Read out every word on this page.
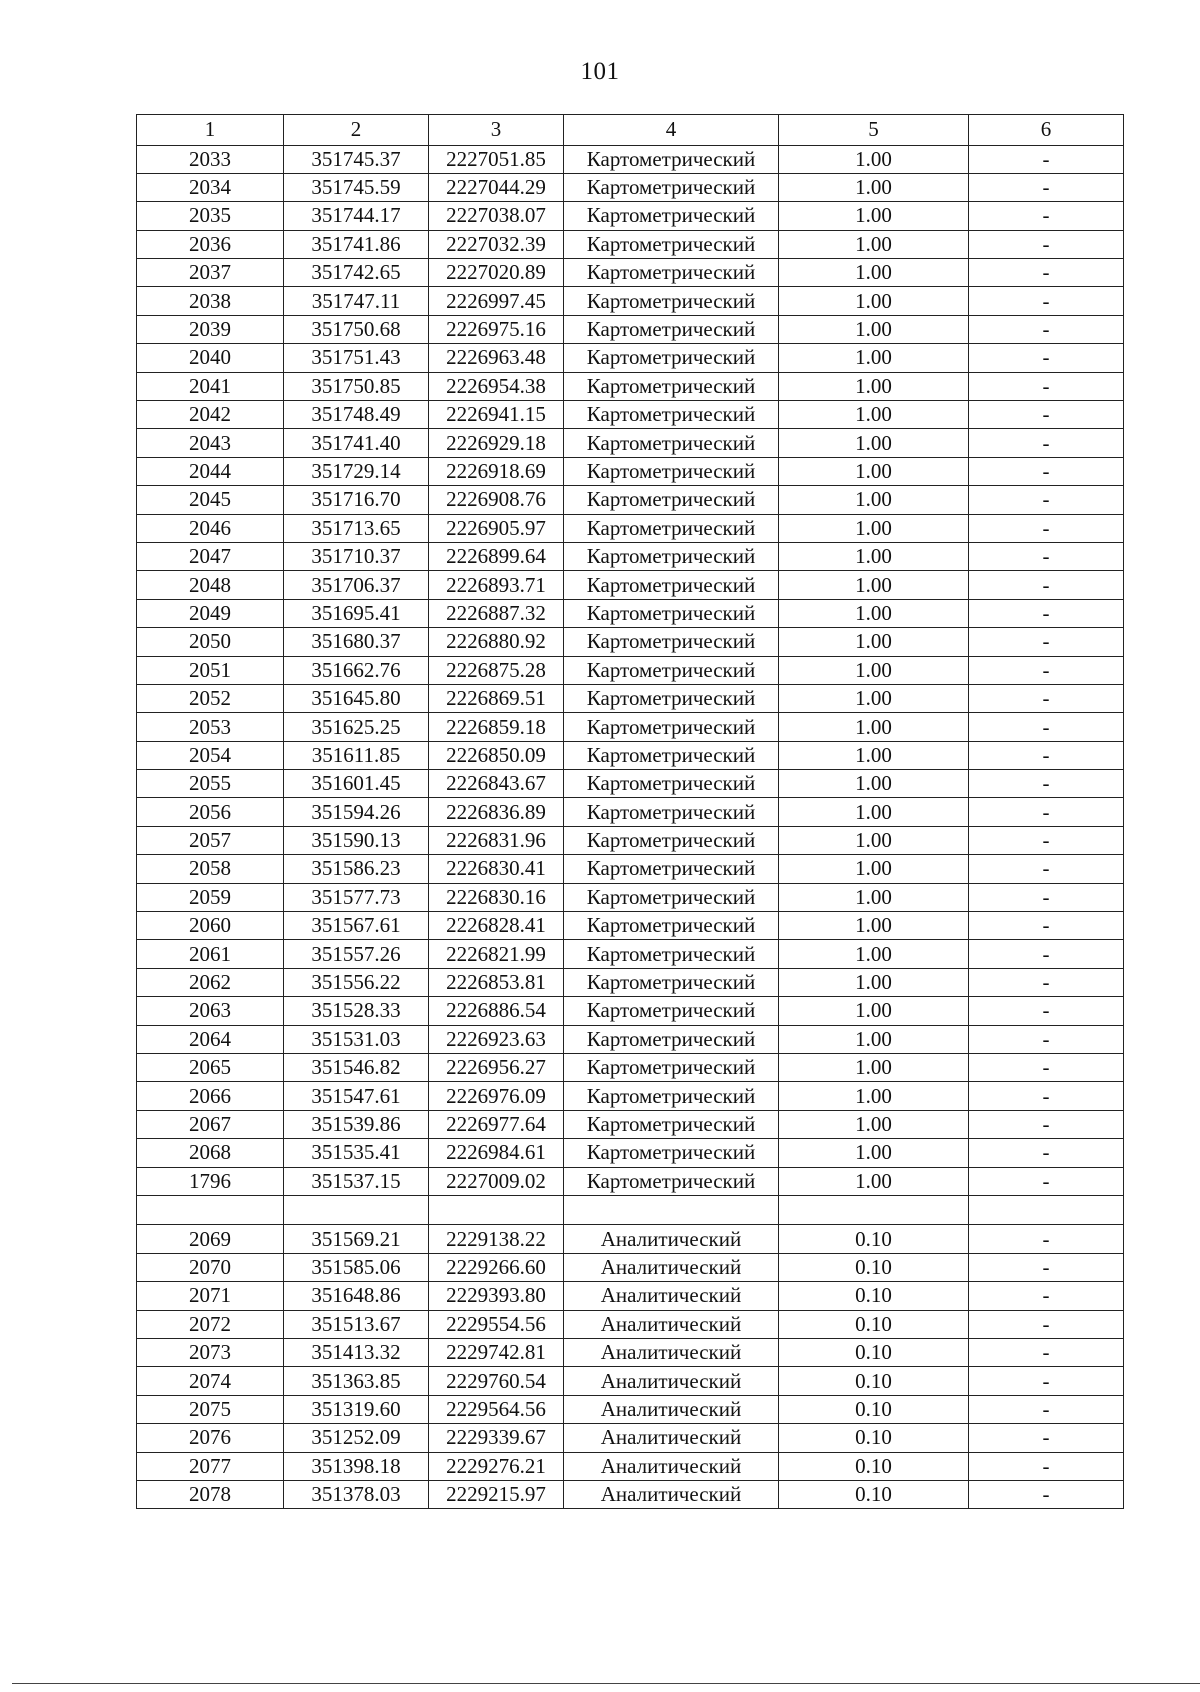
101
1	2	3	4	5	6
2033	351745.37	2227051.85	Картометрический	1.00	-
2034	351745.59	2227044.29	Картометрический	1.00	-
2035	351744.17	2227038.07	Картометрический	1.00	-
2036	351741.86	2227032.39	Картометрический	1.00	-
2037	351742.65	2227020.89	Картометрический	1.00	-
2038	351747.11	2226997.45	Картометрический	1.00	-
2039	351750.68	2226975.16	Картометрический	1.00	-
2040	351751.43	2226963.48	Картометрический	1.00	-
2041	351750.85	2226954.38	Картометрический	1.00	-
2042	351748.49	2226941.15	Картометрический	1.00	-
2043	351741.40	2226929.18	Картометрический	1.00	-
2044	351729.14	2226918.69	Картометрический	1.00	-
2045	351716.70	2226908.76	Картометрический	1.00	-
2046	351713.65	2226905.97	Картометрический	1.00	-
2047	351710.37	2226899.64	Картометрический	1.00	-
2048	351706.37	2226893.71	Картометрический	1.00	-
2049	351695.41	2226887.32	Картометрический	1.00	-
2050	351680.37	2226880.92	Картометрический	1.00	-
2051	351662.76	2226875.28	Картометрический	1.00	-
2052	351645.80	2226869.51	Картометрический	1.00	-
2053	351625.25	2226859.18	Картометрический	1.00	-
2054	351611.85	2226850.09	Картометрический	1.00	-
2055	351601.45	2226843.67	Картометрический	1.00	-
2056	351594.26	2226836.89	Картометрический	1.00	-
2057	351590.13	2226831.96	Картометрический	1.00	-
2058	351586.23	2226830.41	Картометрический	1.00	-
2059	351577.73	2226830.16	Картометрический	1.00	-
2060	351567.61	2226828.41	Картометрический	1.00	-
2061	351557.26	2226821.99	Картометрический	1.00	-
2062	351556.22	2226853.81	Картометрический	1.00	-
2063	351528.33	2226886.54	Картометрический	1.00	-
2064	351531.03	2226923.63	Картометрический	1.00	-
2065	351546.82	2226956.27	Картометрический	1.00	-
2066	351547.61	2226976.09	Картометрический	1.00	-
2067	351539.86	2226977.64	Картометрический	1.00	-
2068	351535.41	2226984.61	Картометрический	1.00	-
1796	351537.15	2227009.02	Картометрический	1.00	-

2069	351569.21	2229138.22	Аналитический	0.10	-
2070	351585.06	2229266.60	Аналитический	0.10	-
2071	351648.86	2229393.80	Аналитический	0.10	-
2072	351513.67	2229554.56	Аналитический	0.10	-
2073	351413.32	2229742.81	Аналитический	0.10	-
2074	351363.85	2229760.54	Аналитический	0.10	-
2075	351319.60	2229564.56	Аналитический	0.10	-
2076	351252.09	2229339.67	Аналитический	0.10	-
2077	351398.18	2229276.21	Аналитический	0.10	-
2078	351378.03	2229215.97	Аналитический	0.10	-
